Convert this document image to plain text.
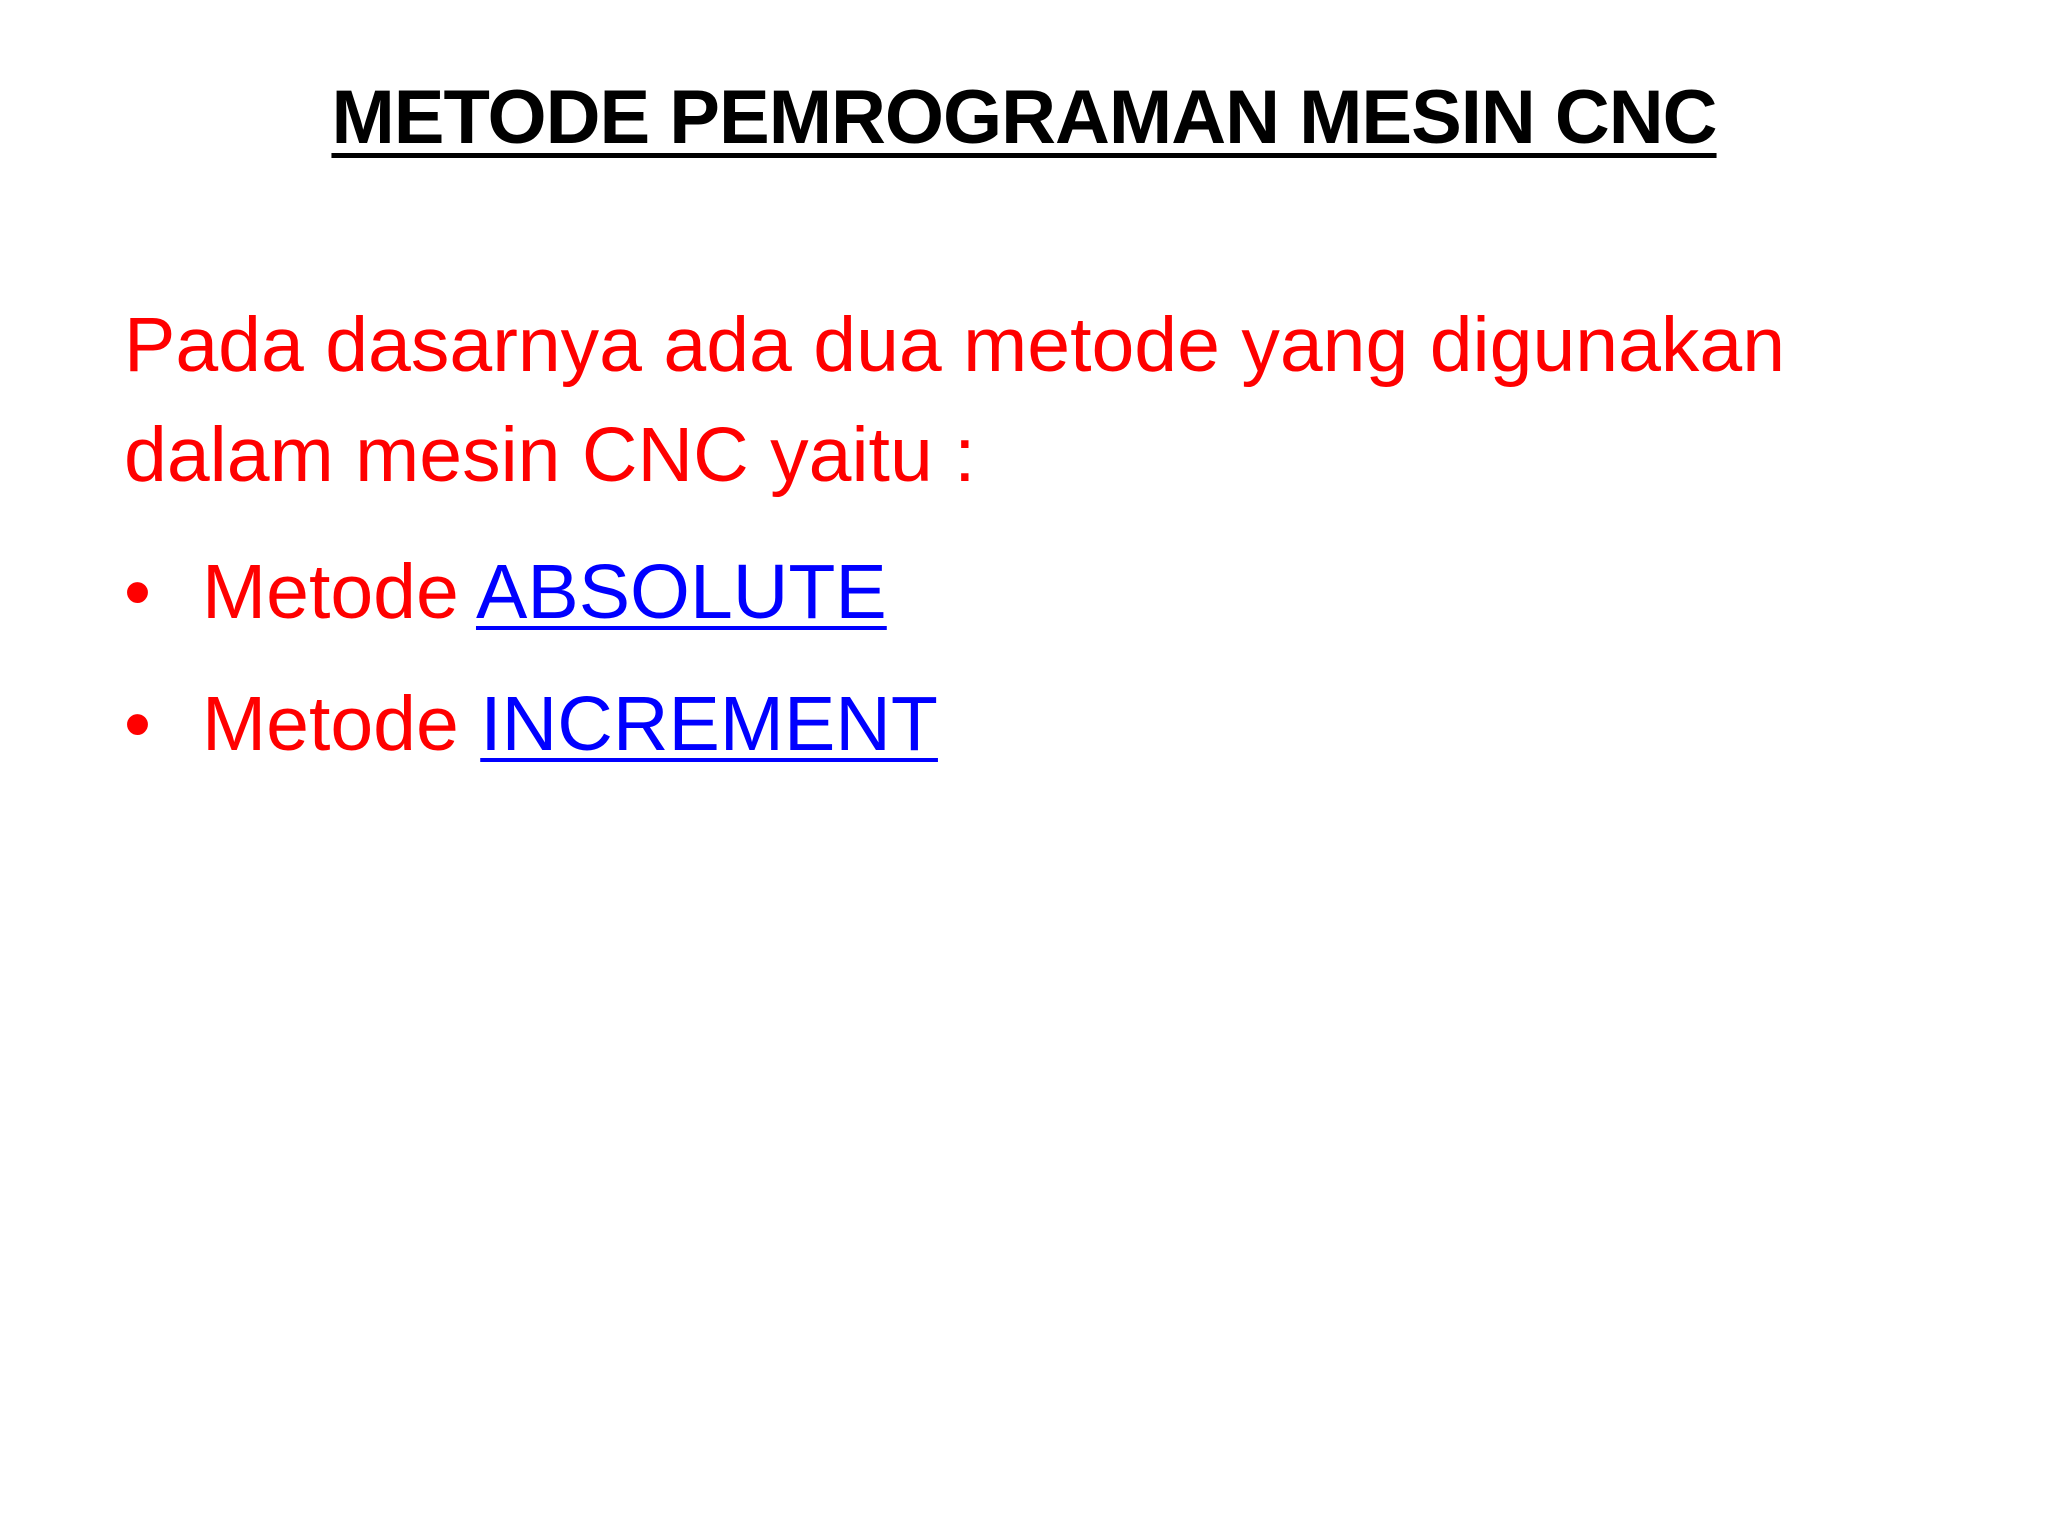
METODE PEMROGRAMAN MESIN CNC

Pada dasarnya ada dua metode yang digunakan
dalam mesin CNC yaitu :

• Metode ABSOLUTE
• Metode INCREMENT
